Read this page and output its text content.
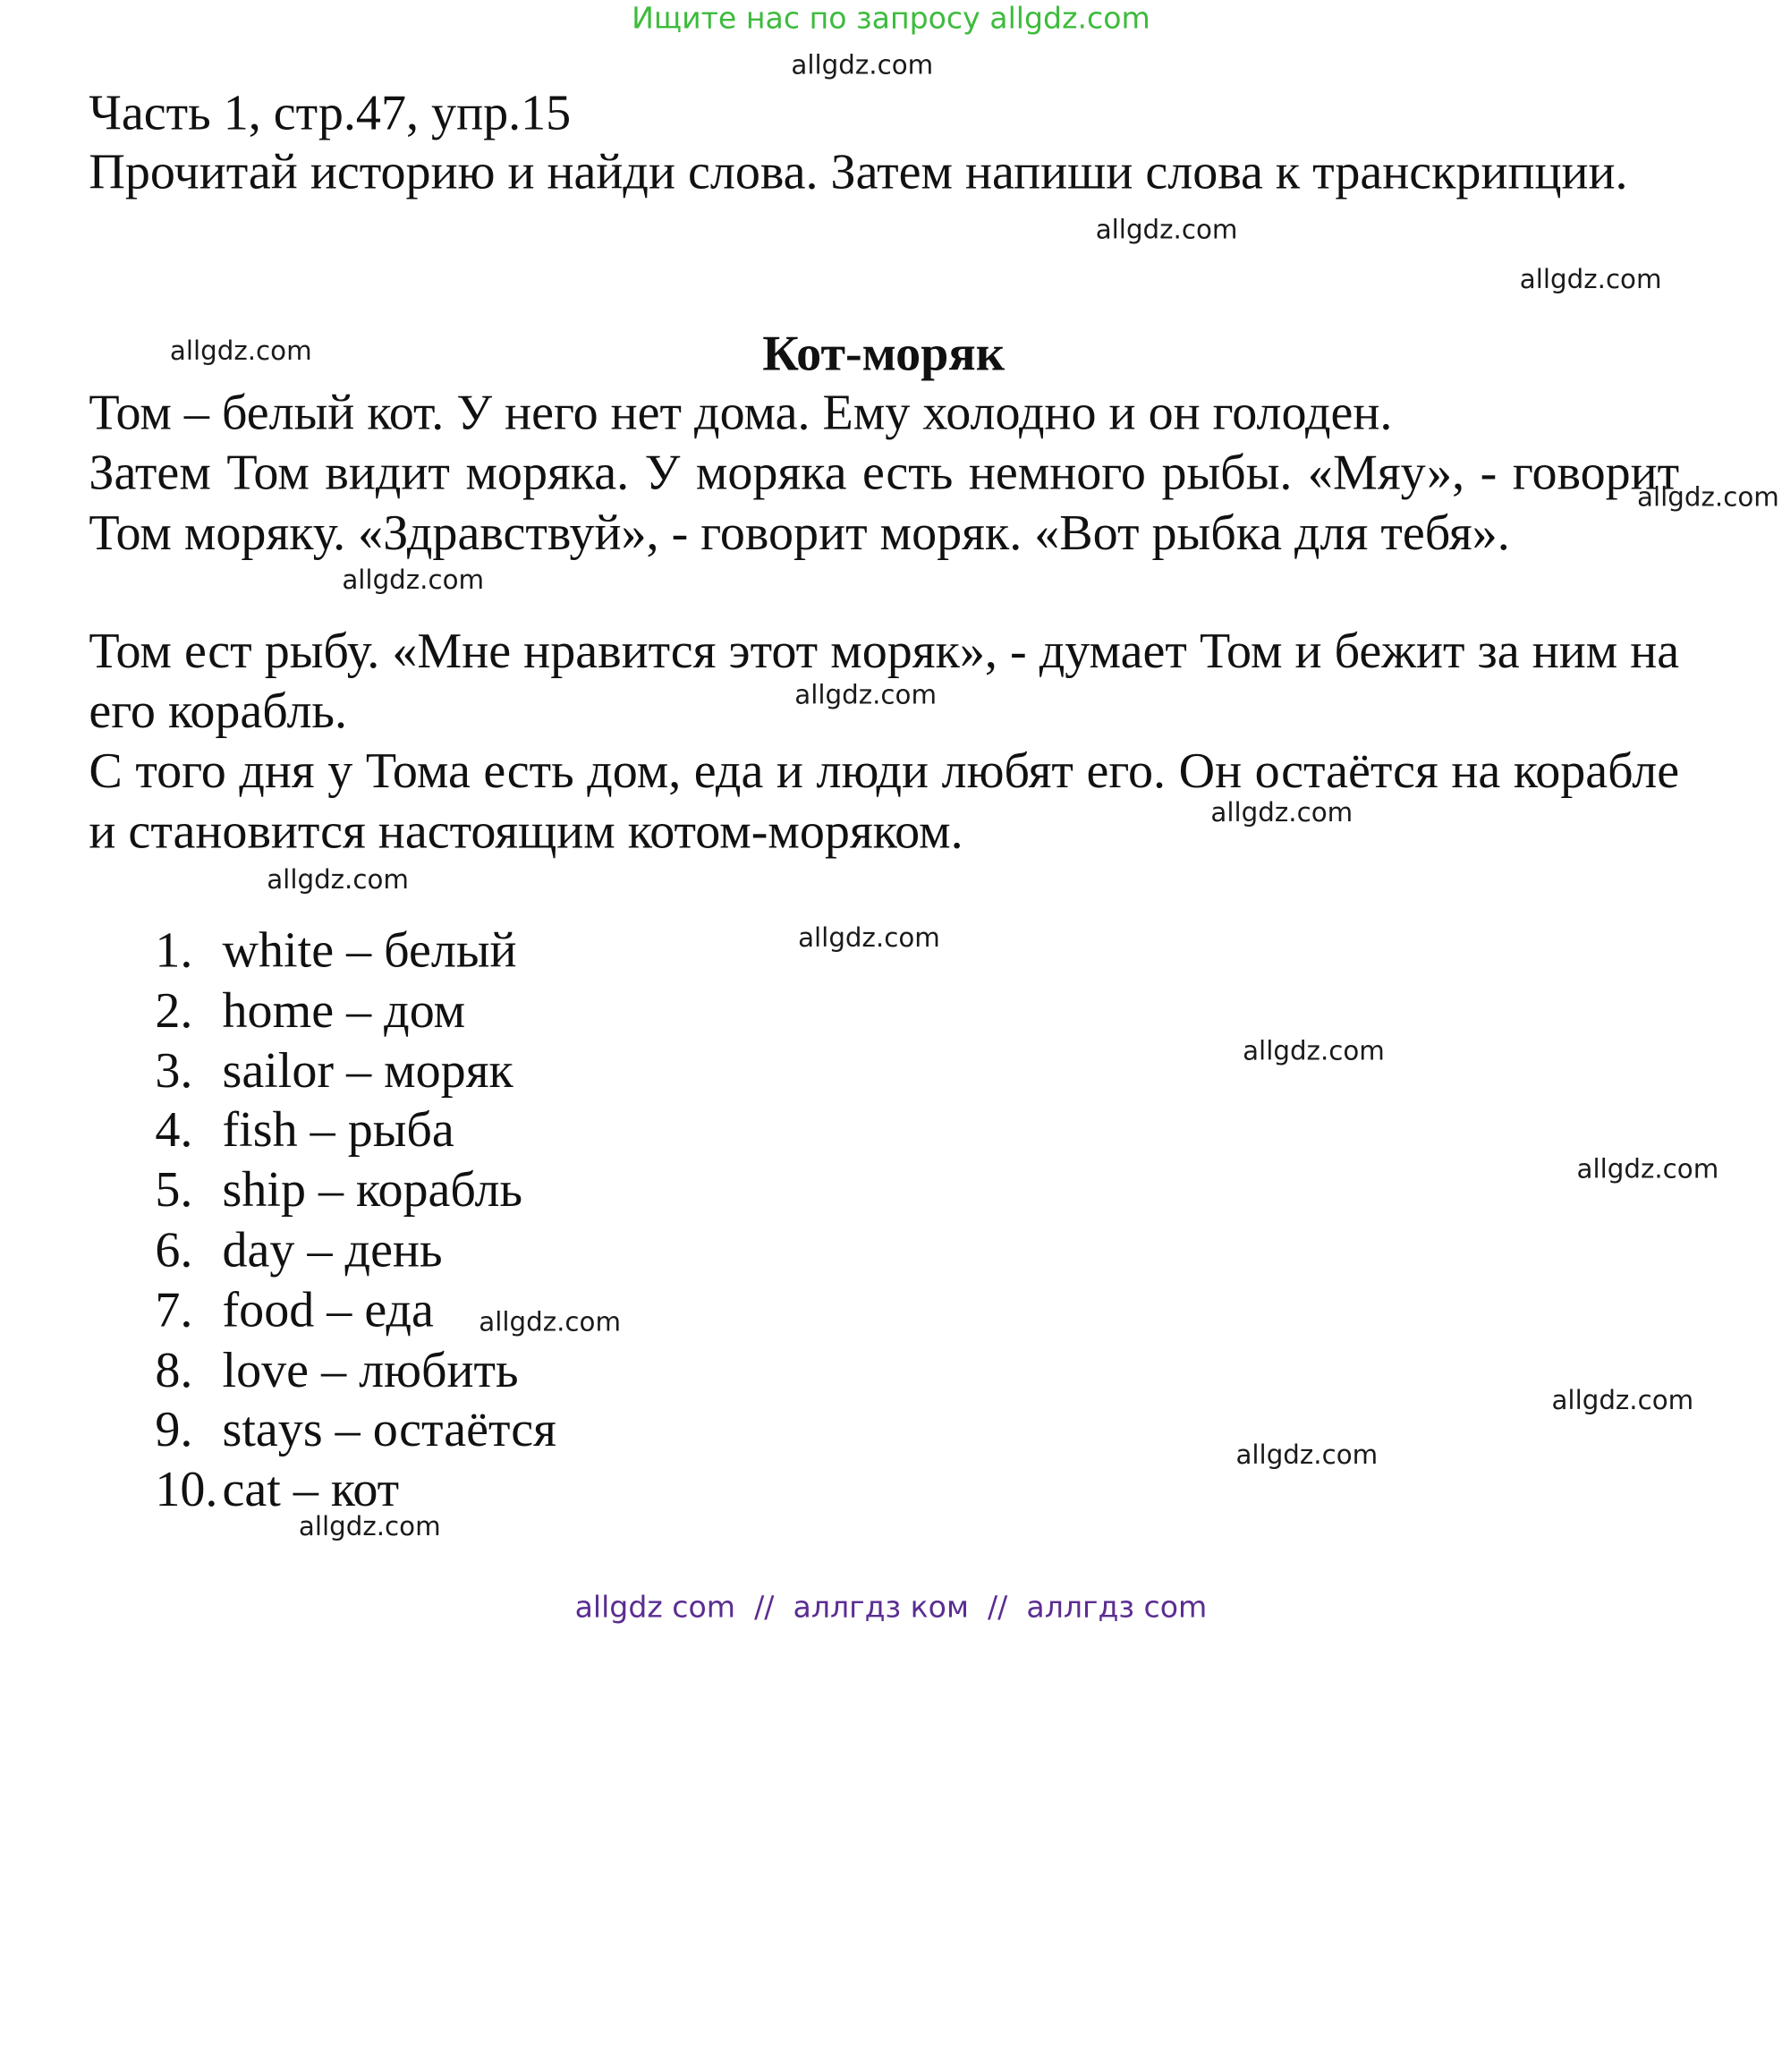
Ищите нас по запросу allgdz.com
Часть 1, стр.47, упр.15
Прочитай историю и найди слова. Затем напиши слова к транскрипции.
Кот-моряк

Том – белый кот. У него нет дома. Ему холодно и он голоден.

Затем Том видит моряка. У моряка есть немного рыбы. «Мяу», - говорит Том моряку. «Здравствуй», - говорит моряк. «Вот рыбка для тебя».

Том ест рыбу. «Мне нравится этот моряк», - думает Том и бежит за ним на его корабль.

С того дня у Тома есть дом, еда и люди любят его. Он остаётся на корабле и становится настоящим котом-моряком.

1. white – белый
2. home – дом
3. sailor – моряк
4. fish – рыба
5. ship – корабль
6. day – день
7. food – еда
8. love – любить
9. stays – остаётся
10. cat – кот
allgdz.com
allgdz.com
allgdz.com
allgdz.com
allgdz.com
allgdz.com
allgdz.com
allgdz.com
allgdz.com
allgdz.com
allgdz.com
allgdz.com
allgdz.com
allgdz.com
allgdz.com
allgdz.com
allgdz com  //  аллгдз ком  //  аллгдз com
